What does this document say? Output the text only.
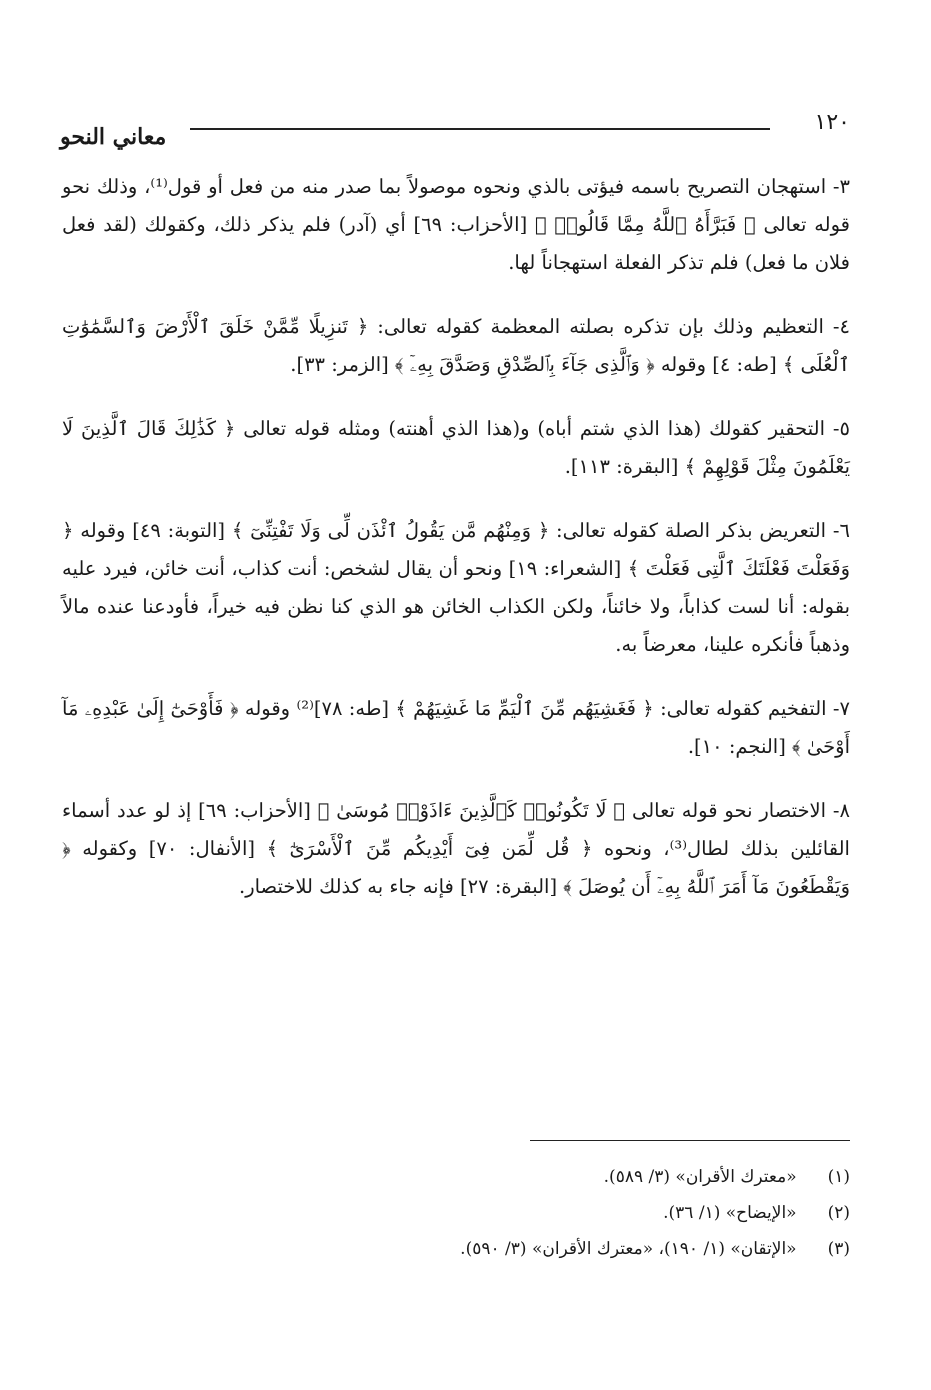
١٢٠
معاني النحو

٣- استهجان التصريح باسمه فيؤتى بالذي ونحوه موصولاً بما صدر منه من فعل أو قول⁽¹⁾، وذلك نحو قوله تعالى ﴿ فَبَرَّأَهُ ٱللَّهُ مِمَّا قَالُوا۟ ﴾ [الأحزاب: ٦٩] أي (آدر) فلم يذكر ذلك، وكقولك (لقد فعل فلان ما فعل) فلم تذكر الفعلة استهجاناً لها.

٤- التعظيم وذلك بإن تذكره بصلته المعظمة كقوله تعالى: ﴿ تَنزِيلًا مِّمَّنْ خَلَقَ ٱلْأَرْضَ وَٱلسَّمَٰوَٰتِ ٱلْعُلَى ﴾ [طه: ٤] وقوله ﴿ وَٱلَّذِى جَآءَ بِٱلصِّدْقِ وَصَدَّقَ بِهِۦٓ ﴾ [الزمر: ٣٣].

٥- التحقير كقولك (هذا الذي شتم أباه) و(هذا الذي أهنته) ومثله قوله تعالى ﴿ كَذَٰلِكَ قَالَ ٱلَّذِينَ لَا يَعْلَمُونَ مِثْلَ قَوْلِهِمْ ﴾ [البقرة: ١١٣].

٦- التعريض بذكر الصلة كقوله تعالى: ﴿ وَمِنْهُم مَّن يَقُولُ ٱئْذَن لِّى وَلَا تَفْتِنِّىٓ ﴾ [التوبة: ٤٩] وقوله ﴿ وَفَعَلْتَ فَعْلَتَكَ ٱلَّتِى فَعَلْتَ ﴾ [الشعراء: ١٩] ونحو أن يقال لشخص: أنت كذاب، أنت خائن، فيرد عليه بقوله: أنا لست كذاباً، ولا خائناً، ولكن الكذاب الخائن هو الذي كنا نظن فيه خيراً، فأودعنا عنده مالاً وذهباً فأنكره علينا، معرضاً به.

٧- التفخيم كقوله تعالى: ﴿ فَغَشِيَهُم مِّنَ ٱلْيَمِّ مَا غَشِيَهُمْ ﴾ [طه: ٧٨]⁽²⁾ وقوله ﴿ فَأَوْحَىٰٓ إِلَىٰ عَبْدِهِۦ مَآ أَوْحَىٰ ﴾ [النجم: ١٠].

٨- الاختصار نحو قوله تعالى ﴿ لَا تَكُونُوا۟ كَٱلَّذِينَ ءَاذَوْا۟ مُوسَىٰ ﴾ [الأحزاب: ٦٩] إذ لو عدد أسماء القائلين بذلك لطال⁽³⁾، ونحوه ﴿ قُل لِّمَن فِىٓ أَيْدِيكُم مِّنَ ٱلْأَسْرَىٰٓ ﴾ [الأنفال: ٧٠] وكقوله ﴿ وَيَقْطَعُونَ مَآ أَمَرَ ٱللَّهُ بِهِۦٓ أَن يُوصَلَ ﴾ [البقرة: ٢٧] فإنه جاء به كذلك للاختصار.

(١) «معترك الأقران» (٣/ ٥٨٩).
(٢) «الإيضاح» (١/ ٣٦).
(٣) «الإتقان» (١/ ١٩٠)، «معترك الأقران» (٣/ ٥٩٠).
